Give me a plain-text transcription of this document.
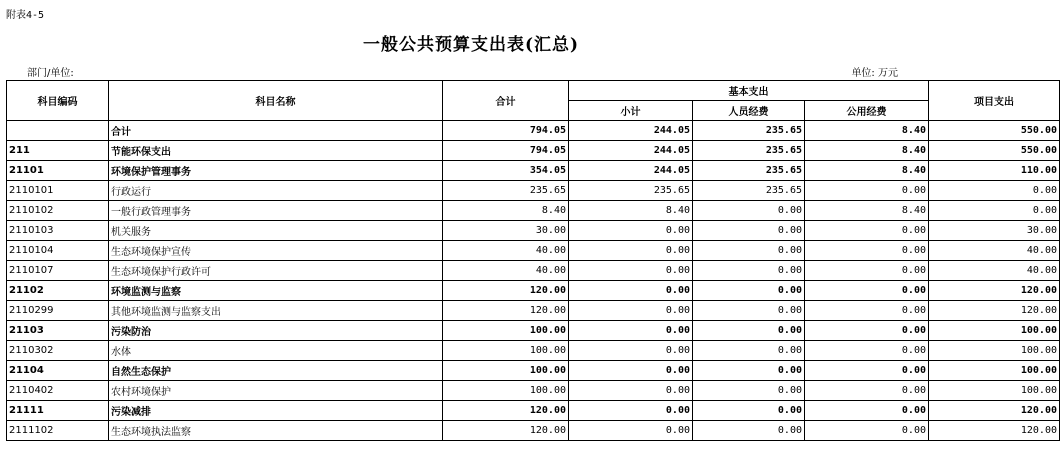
附表4-5
一般公共预算支出表(汇总)
部门/单位:	单位: 万元
科目编码	科目名称	合计	基本支出			项目支出
			小计	人员经费	公用经费	
	合计	794.05	244.05	235.65	8.40	550.00
211	节能环保支出	794.05	244.05	235.65	8.40	550.00
21101	环境保护管理事务	354.05	244.05	235.65	8.40	110.00
2110101	行政运行	235.65	235.65	235.65	0.00	0.00
2110102	一般行政管理事务	8.40	8.40	0.00	8.40	0.00
2110103	机关服务	30.00	0.00	0.00	0.00	30.00
2110104	生态环境保护宣传	40.00	0.00	0.00	0.00	40.00
2110107	生态环境保护行政许可	40.00	0.00	0.00	0.00	40.00
21102	环境监测与监察	120.00	0.00	0.00	0.00	120.00
2110299	其他环境监测与监察支出	120.00	0.00	0.00	0.00	120.00
21103	污染防治	100.00	0.00	0.00	0.00	100.00
2110302	水体	100.00	0.00	0.00	0.00	100.00
21104	自然生态保护	100.00	0.00	0.00	0.00	100.00
2110402	农村环境保护	100.00	0.00	0.00	0.00	100.00
21111	污染减排	120.00	0.00	0.00	0.00	120.00
2111102	生态环境执法监察	120.00	0.00	0.00	0.00	120.00
